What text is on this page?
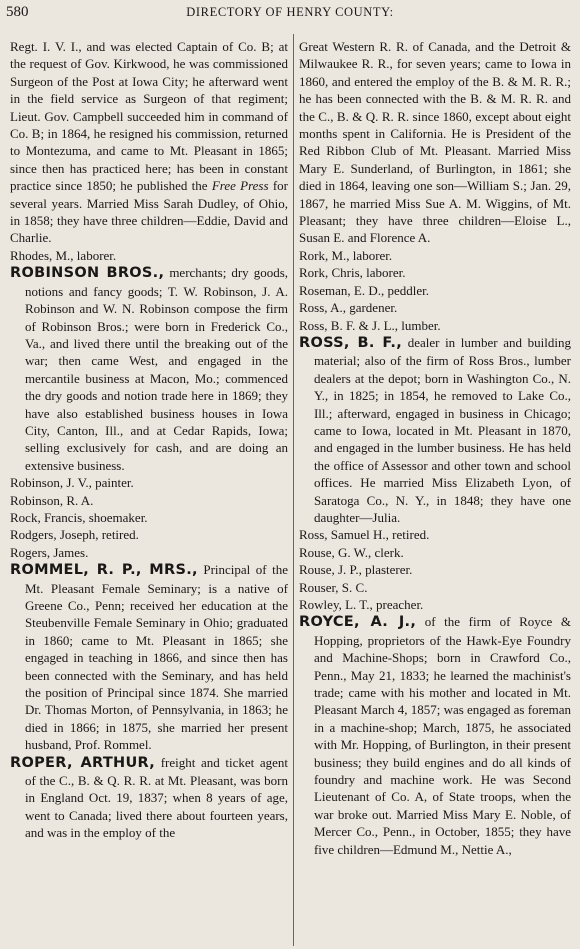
580	DIRECTORY OF HENRY COUNTY:

Regt. I. V. I., and was elected Captain of Co. B; at the request of Gov. Kirkwood, he was commissioned Surgeon of the Post at Iowa City; he afterward went in the field service as Surgeon of that regiment; Lieut. Gov. Campbell succeeded him in command of Co. B; in 1864, he resigned his commission, returned to Montezuma, and came to Mt. Pleasant in 1865; since then has practiced here; has been in constant practice since 1850; he published the Free Press for several years. Married Miss Sarah Dudley, of Ohio, in 1858; they have three children—Eddie, David and Charlie.

Rhodes, M., laborer.

ROBINSON BROS., merchants; dry goods, notions and fancy goods; T. W. Robinson, J. A. Robinson and W. N. Robinson compose the firm of Robinson Bros.; were born in Frederick Co., Va., and lived there until the breaking out of the war; then came West, and engaged in the mercantile business at Macon, Mo.; commenced the dry goods and notion trade here in 1869; they have also established business houses in Iowa City, Canton, Ill., and at Cedar Rapids, Iowa; selling exclusively for cash, and are doing an extensive business.

Robinson, J. V., painter.

Robinson, R. A.

Rock, Francis, shoemaker.

Rodgers, Joseph, retired.

Rogers, James.

ROMMEL, R. P., MRS., Principal of the Mt. Pleasant Female Seminary; is a native of Greene Co., Penn; received her education at the Steubenville Female Seminary in Ohio; graduated in 1860; came to Mt. Pleasant in 1865; she engaged in teaching in 1866, and since then has been connected with the Seminary, and has held the position of Principal since 1874. She married Dr. Thomas Morton, of Pennsylvania, in 1863; he died in 1866; in 1875, she married her present husband, Prof. Rommel.

ROPER, ARTHUR, freight and ticket agent of the C., B. & Q. R. R. at Mt. Pleasant, was born in England Oct. 19, 1837; when 8 years of age, went to Canada; lived there about fourteen years, and was in the employ of the

Great Western R. R. of Canada, and the Detroit & Milwaukee R. R., for seven years; came to Iowa in 1860, and entered the employ of the B. & M. R. R.; he has been connected with the B. & M. R. R. and the C., B. & Q. R. R. since 1860, except about eight months spent in California. He is President of the Red Ribbon Club of Mt. Pleasant. Married Miss Mary E. Sunderland, of Burlington, in 1861; she died in 1864, leaving one son—William S.; Jan. 29, 1867, he married Miss Sue A. M. Wiggins, of Mt. Pleasant; they have three children—Eloise L., Susan E. and Florence A.

Rork, M., laborer.

Rork, Chris, laborer.

Roseman, E. D., peddler.

Ross, A., gardener.

Ross, B. F. & J. L., lumber.

ROSS, B. F., dealer in lumber and building material; also of the firm of Ross Bros., lumber dealers at the depot; born in Washington Co., N. Y., in 1825; in 1854, he removed to Lake Co., Ill.; afterward, engaged in business in Chicago; came to Iowa, located in Mt. Pleasant in 1870, and engaged in the lumber business. He has held the office of Assessor and other town and school offices. He married Miss Elizabeth Lyon, of Saratoga Co., N. Y., in 1848; they have one daughter—Julia.

Ross, Samuel H., retired.

Rouse, G. W., clerk.

Rouse, J. P., plasterer.

Rouser, S. C.

Rowley, L. T., preacher.

ROYCE, A. J., of the firm of Royce & Hopping, proprietors of the Hawk-Eye Foundry and Machine-Shops; born in Crawford Co., Penn., May 21, 1833; he learned the machinist's trade; came with his mother and located in Mt. Pleasant March 4, 1857; was engaged as foreman in a machine-shop; March, 1875, he associated with Mr. Hopping, of Burlington, in their present business; they build engines and do all kinds of foundry and machine work. He was Second Lieutenant of Co. A, of State troops, when the war broke out. Married Miss Mary E. Noble, of Mercer Co., Penn., in October, 1855; they have five children—Edmund M., Nettie A.,
